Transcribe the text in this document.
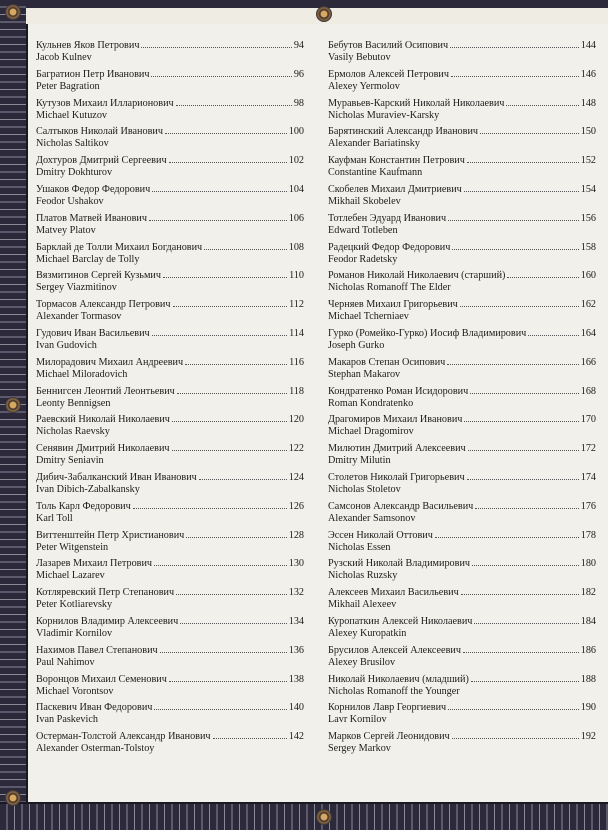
Кульнев Яков Петрович	94
Jacob Kulnev
Багратион Петр Иванович	96
Peter Bagration
Кутузов Михаил Илларионович	98
Michael Kutuzov
Салтыков Николай Иванович	100
Nicholas Saltikov
Дохтуров Дмитрий Сергеевич	102
Dmitry Dokhturov
Ушаков Федор Федорович	104
Feodor Ushakov
Платов Матвей Иванович	106
Matvey Platov
Барклай де Толли Михаил Богданович	108
Michael Barclay de Tolly
Вязмитинов Сергей Кузьмич	110
Sergey Viazmitinov
Тормасов Александр Петрович	112
Alexander Tormasov
Гудович Иван Васильевич	114
Ivan Gudovich
Милорадович Михаил Андреевич	116
Michael Miloradovich
Беннигсен Леонтий Леонтьевич	118
Leonty Bennigsen
Раевский Николай Николаевич	120
Nicholas Raevsky
Сенявин Дмитрий Николаевич	122
Dmitry Seniavin
Дибич-Забалканский Иван Иванович	124
Ivan Dibich-Zabalkansky
Толь Карл Федорович	126
Karl Toll
Виттенштейн Петр Христианович	128
Peter Witgenstein
Лазарев Михаил Петрович	130
Michael Lazarev
Котляревский Петр Степанович	132
Peter Kotliarevsky
Корнилов Владимир Алексеевич	134
Vladimir Kornilov
Нахимов Павел Степанович	136
Paul Nahimov
Воронцов Михаил Семенович	138
Michael Vorontsov
Паскевич Иван Федорович	140
Ivan Paskevich
Остерман-Толстой Александр Иванович	142
Alexander Osterman-Tolstoy
Бебутов Василий Осипович	144
Vasily Bebutov
Ермолов Алексей Петрович	146
Alexey Yermolov
Муравьев-Карский Николай Николаевич	148
Nicholas Muraviev-Karsky
Барятинский Александр Иванович	150
Alexander Bariatinsky
Кауфман Константин Петрович	152
Constantine Kaufmann
Скобелев Михаил Дмитриевич	154
Mikhail Skobelev
Тотлебен Эдуард Иванович	156
Edward Totleben
Радецкий Федор Федорович	158
Feodor Radetsky
Романов Николай Николаевич (старший)	160
Nicholas Romanoff The Elder
Черняев Михаил Григорьевич	162
Michael Tcherniaev
Гурко (Ромейко-Гурко) Иосиф Владимирович	164
Joseph Gurko
Макаров Степан Осипович	166
Stephan Makarov
Кондратенко Роман Исидорович	168
Roman Kondratenko
Драгомиров Михаил Иванович	170
Michael Dragomirov
Милютин Дмитрий Алексеевич	172
Dmitry Milutin
Столетов Николай Григорьевич	174
Nicholas Stoletov
Самсонов Александр Васильевич	176
Alexander Samsonov
Эссен Николай Оттович	178
Nicholas Essen
Рузский Николай Владимирович	180
Nicholas Ruzsky
Алексеев Михаил Васильевич	182
Mikhail Alexeev
Куропаткин Алексей Николаевич	184
Alexey Kuropatkin
Брусилов Алексей Алексеевич	186
Alexey Brusilov
Николай Николаевич (младший)	188
Nicholas Romanoff the Younger
Корнилов Лавр Георгиевич	190
Lavr Kornilov
Марков Сергей Леонидович	192
Sergey Markov
